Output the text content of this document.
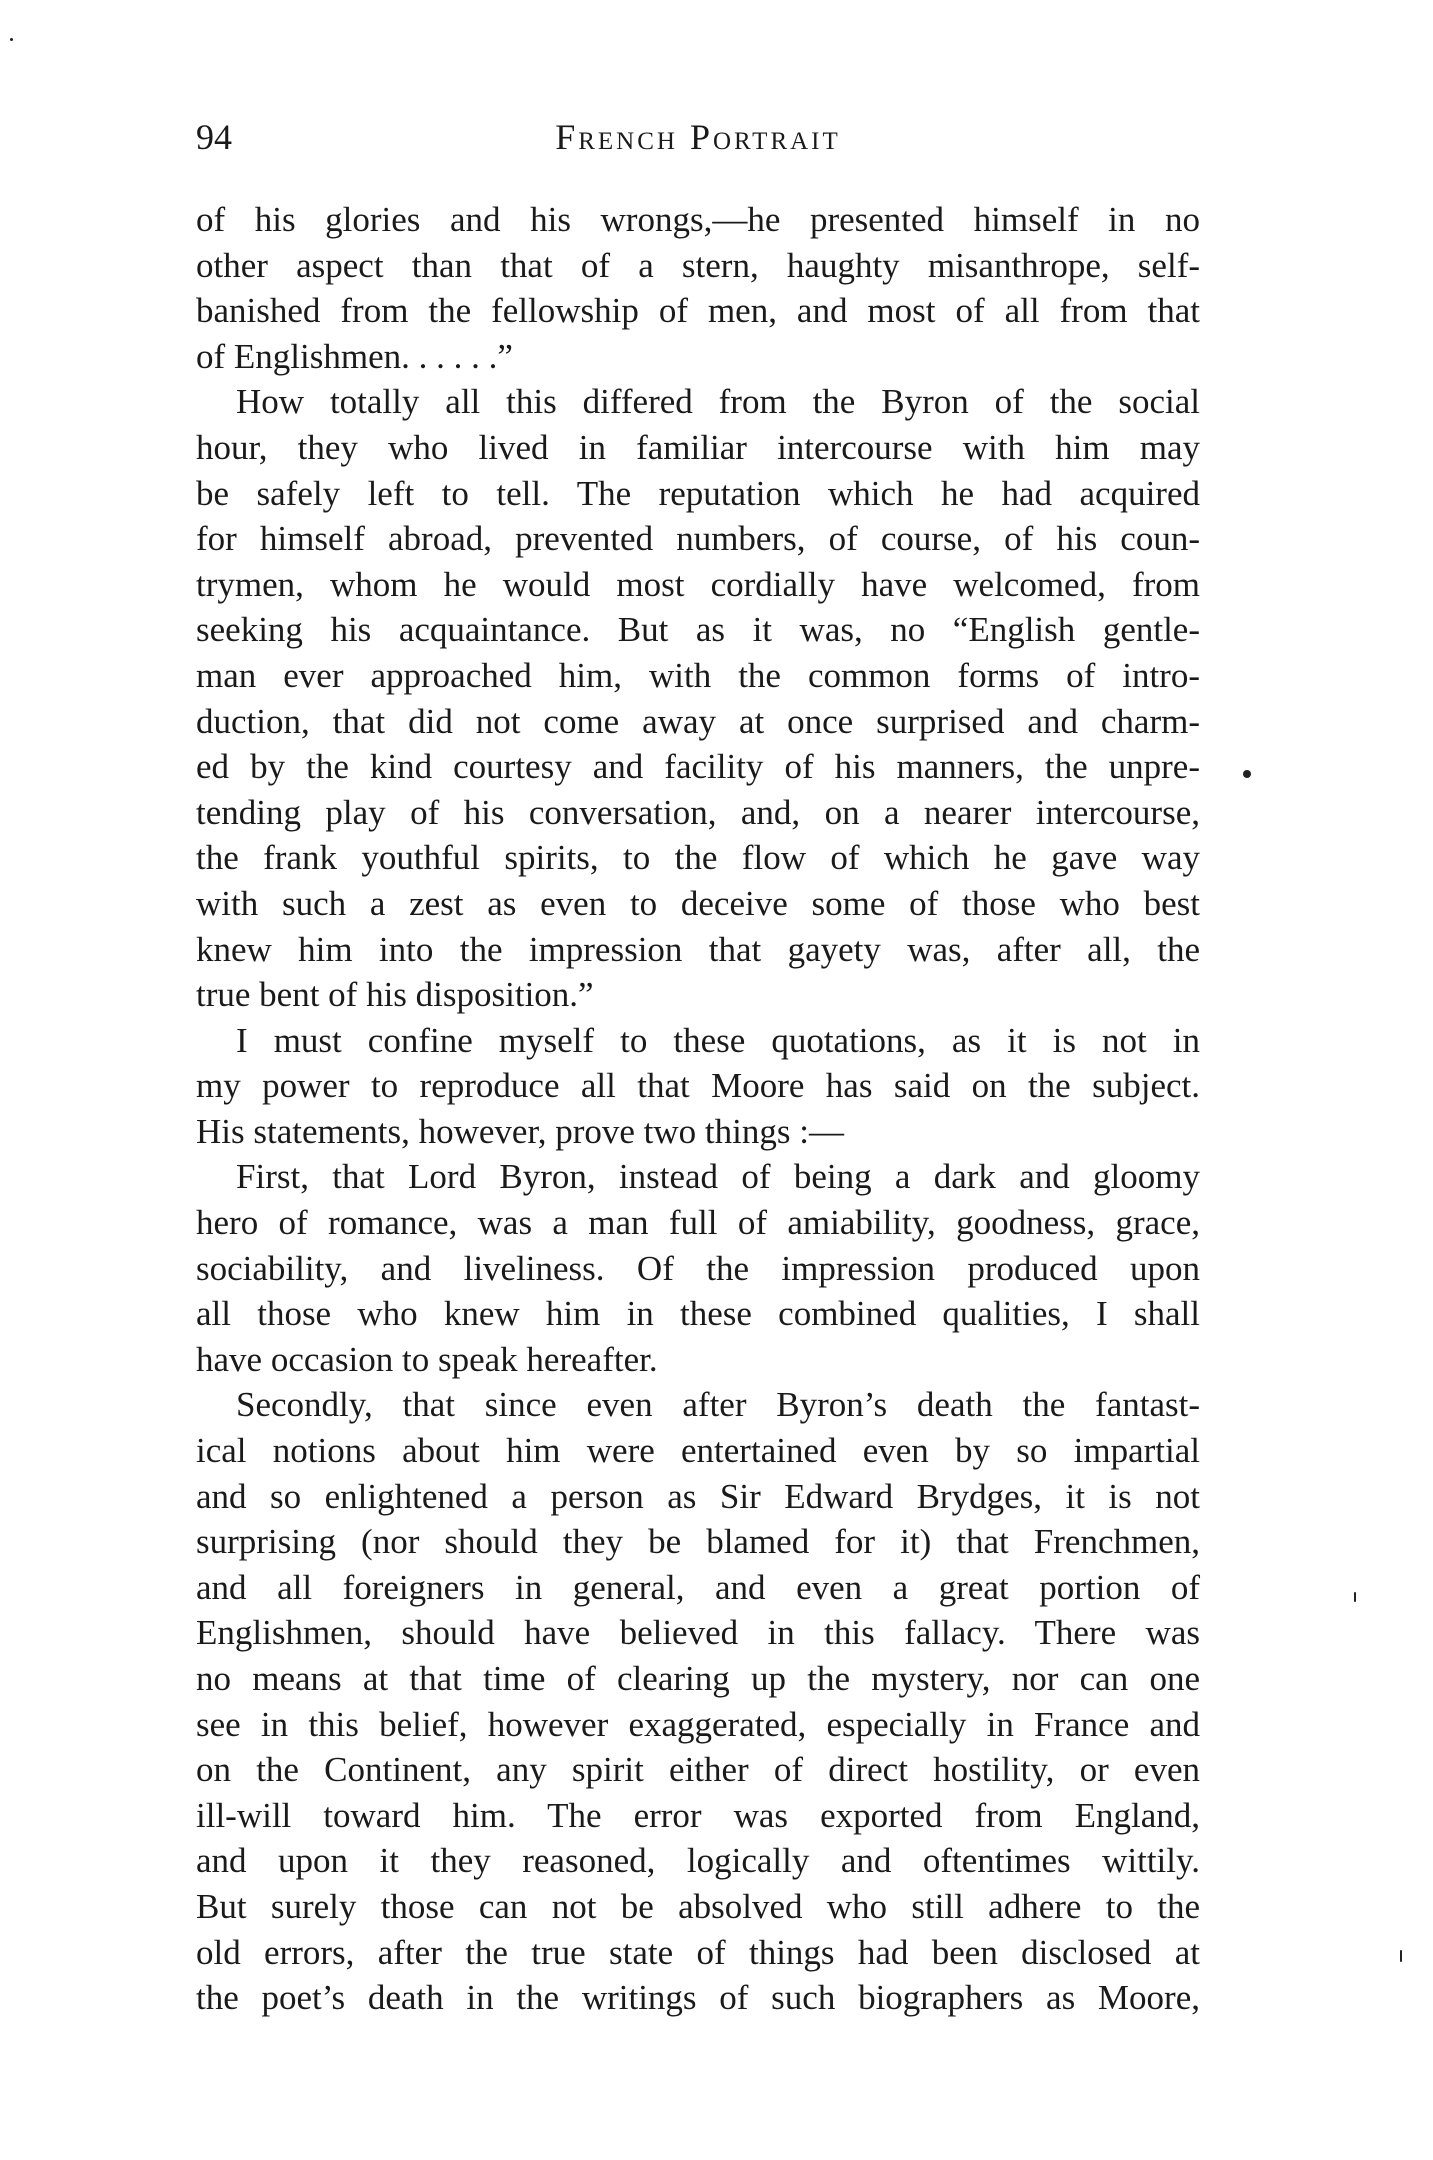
94	French Portrait
of his glories and his wrongs,—he presented himself in no
other aspect than that of a stern, haughty misanthrope, self-
banished from the fellowship of men, and most of all from that
of Englishmen. . . . . .”
How totally all this differed from the Byron of the social
hour, they who lived in familiar intercourse with him may
be safely left to tell. The reputation which he had acquired
for himself abroad, prevented numbers, of course, of his coun-
trymen, whom he would most cordially have welcomed, from
seeking his acquaintance. But as it was, no “English gentle-
man ever approached him, with the common forms of intro-
duction, that did not come away at once surprised and charm-
ed by the kind courtesy and facility of his manners, the unpre-
tending play of his conversation, and, on a nearer intercourse,
the frank youthful spirits, to the flow of which he gave way
with such a zest as even to deceive some of those who best
knew him into the impression that gayety was, after all, the
true bent of his disposition.”
I must confine myself to these quotations, as it is not in
my power to reproduce all that Moore has said on the subject.
His statements, however, prove two things :—
First, that Lord Byron, instead of being a dark and gloomy
hero of romance, was a man full of amiability, goodness, grace,
sociability, and liveliness. Of the impression produced upon
all those who knew him in these combined qualities, I shall
have occasion to speak hereafter.
Secondly, that since even after Byron’s death the fantast-
ical notions about him were entertained even by so impartial
and so enlightened a person as Sir Edward Brydges, it is not
surprising (nor should they be blamed for it) that Frenchmen,
and all foreigners in general, and even a great portion of
Englishmen, should have believed in this fallacy. There was
no means at that time of clearing up the mystery, nor can one
see in this belief, however exaggerated, especially in France and
on the Continent, any spirit either of direct hostility, or even
ill-will toward him. The error was exported from England,
and upon it they reasoned, logically and oftentimes wittily.
But surely those can not be absolved who still adhere to the
old errors, after the true state of things had been disclosed at
the poet’s death in the writings of such biographers as Moore,
